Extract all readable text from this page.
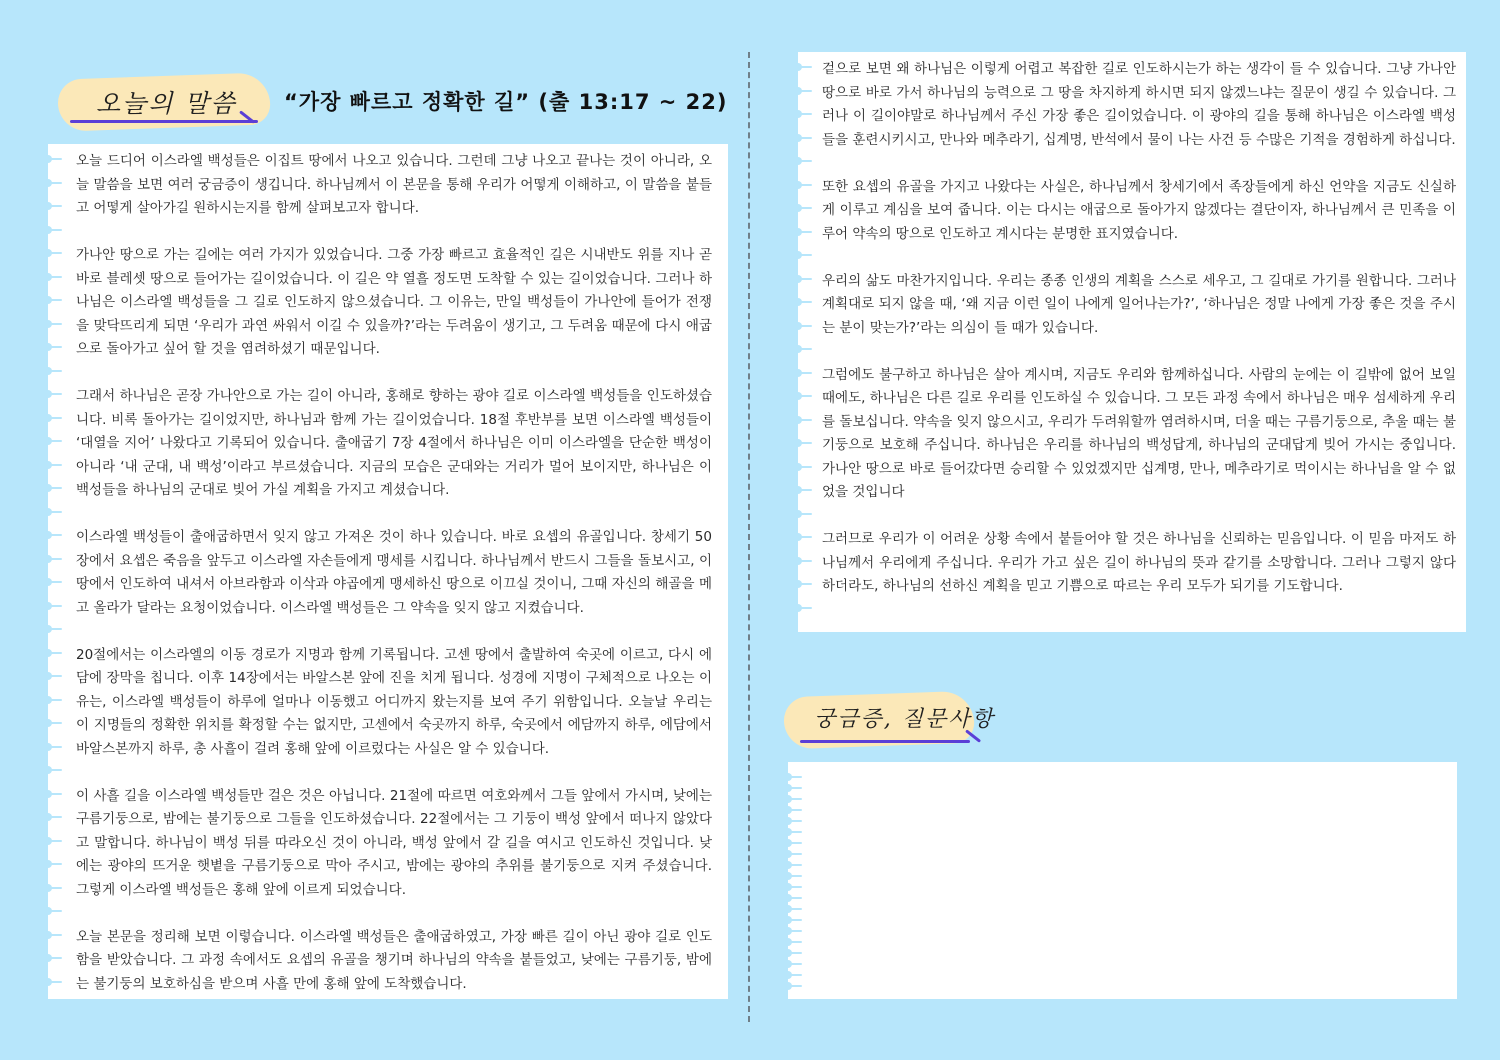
오늘의 말씀 “가장 빠르고 정확한 길” (출 13:17 ~ 22)

오늘 드디어 이스라엘 백성들은 이집트 땅에서 나오고 있습니다. 그런데 그냥 나오고 끝나는 것이 아니라, 오늘 말씀을 보면 여러 궁금증이 생깁니다. 하나님께서 이 본문을 통해 우리가 어떻게 이해하고, 이 말씀을 붙들고 어떻게 살아가길 원하시는지를 함께 살펴보고자 합니다.

가나안 땅으로 가는 길에는 여러 가지가 있었습니다. 그중 가장 빠르고 효율적인 길은 시내반도 위를 지나 곧바로 블레셋 땅으로 들어가는 길이었습니다. 이 길은 약 열흘 정도면 도착할 수 있는 길이었습니다. 그러나 하나님은 이스라엘 백성들을 그 길로 인도하지 않으셨습니다. 그 이유는, 만일 백성들이 가나안에 들어가 전쟁을 맞닥뜨리게 되면 ‘우리가 과연 싸워서 이길 수 있을까?’라는 두려움이 생기고, 그 두려움 때문에 다시 애굽으로 돌아가고 싶어 할 것을 염려하셨기 때문입니다.

그래서 하나님은 곧장 가나안으로 가는 길이 아니라, 홍해로 향하는 광야 길로 이스라엘 백성들을 인도하셨습니다. 비록 돌아가는 길이었지만, 하나님과 함께 가는 길이었습니다. 18절 후반부를 보면 이스라엘 백성들이 ‘대열을 지어’ 나왔다고 기록되어 있습니다. 출애굽기 7장 4절에서 하나님은 이미 이스라엘을 단순한 백성이 아니라 ‘내 군대, 내 백성’이라고 부르셨습니다. 지금의 모습은 군대와는 거리가 멀어 보이지만, 하나님은 이 백성들을 하나님의 군대로 빚어 가실 계획을 가지고 계셨습니다.

이스라엘 백성들이 출애굽하면서 잊지 않고 가져온 것이 하나 있습니다. 바로 요셉의 유골입니다. 창세기 50장에서 요셉은 죽음을 앞두고 이스라엘 자손들에게 맹세를 시킵니다. 하나님께서 반드시 그들을 돌보시고, 이 땅에서 인도하여 내셔서 아브라함과 이삭과 야곱에게 맹세하신 땅으로 이끄실 것이니, 그때 자신의 해골을 메고 올라가 달라는 요청이었습니다. 이스라엘 백성들은 그 약속을 잊지 않고 지켰습니다.

20절에서는 이스라엘의 이동 경로가 지명과 함께 기록됩니다. 고센 땅에서 출발하여 숙곳에 이르고, 다시 에담에 장막을 칩니다. 이후 14장에서는 바알스본 앞에 진을 치게 됩니다. 성경에 지명이 구체적으로 나오는 이유는, 이스라엘 백성들이 하루에 얼마나 이동했고 어디까지 왔는지를 보여 주기 위함입니다. 오늘날 우리는 이 지명들의 정확한 위치를 확정할 수는 없지만, 고센에서 숙곳까지 하루, 숙곳에서 에담까지 하루, 에담에서 바알스본까지 하루, 총 사흘이 걸려 홍해 앞에 이르렀다는 사실은 알 수 있습니다.

이 사흘 길을 이스라엘 백성들만 걸은 것은 아닙니다. 21절에 따르면 여호와께서 그들 앞에서 가시며, 낮에는 구름기둥으로, 밤에는 불기둥으로 그들을 인도하셨습니다. 22절에서는 그 기둥이 백성 앞에서 떠나지 않았다고 말합니다. 하나님이 백성 뒤를 따라오신 것이 아니라, 백성 앞에서 갈 길을 여시고 인도하신 것입니다. 낮에는 광야의 뜨거운 햇볕을 구름기둥으로 막아 주시고, 밤에는 광야의 추위를 불기둥으로 지켜 주셨습니다. 그렇게 이스라엘 백성들은 홍해 앞에 이르게 되었습니다.

오늘 본문을 정리해 보면 이렇습니다. 이스라엘 백성들은 출애굽하였고, 가장 빠른 길이 아닌 광야 길로 인도함을 받았습니다. 그 과정 속에서도 요셉의 유골을 챙기며 하나님의 약속을 붙들었고, 낮에는 구름기둥, 밤에는 불기둥의 보호하심을 받으며 사흘 만에 홍해 앞에 도착했습니다.

겉으로 보면 왜 하나님은 이렇게 어렵고 복잡한 길로 인도하시는가 하는 생각이 들 수 있습니다. 그냥 가나안 땅으로 바로 가서 하나님의 능력으로 그 땅을 차지하게 하시면 되지 않겠느냐는 질문이 생길 수 있습니다. 그러나 이 길이야말로 하나님께서 주신 가장 좋은 길이었습니다. 이 광야의 길을 통해 하나님은 이스라엘 백성들을 훈련시키시고, 만나와 메추라기, 십계명, 반석에서 물이 나는 사건 등 수많은 기적을 경험하게 하십니다.

또한 요셉의 유골을 가지고 나왔다는 사실은, 하나님께서 창세기에서 족장들에게 하신 언약을 지금도 신실하게 이루고 계심을 보여 줍니다. 이는 다시는 애굽으로 돌아가지 않겠다는 결단이자, 하나님께서 큰 민족을 이루어 약속의 땅으로 인도하고 계시다는 분명한 표지였습니다.

우리의 삶도 마찬가지입니다. 우리는 종종 인생의 계획을 스스로 세우고, 그 길대로 가기를 원합니다. 그러나 계획대로 되지 않을 때, ‘왜 지금 이런 일이 나에게 일어나는가?’, ‘하나님은 정말 나에게 가장 좋은 것을 주시는 분이 맞는가?’라는 의심이 들 때가 있습니다.

그럼에도 불구하고 하나님은 살아 계시며, 지금도 우리와 함께하십니다. 사람의 눈에는 이 길밖에 없어 보일 때에도, 하나님은 다른 길로 우리를 인도하실 수 있습니다. 그 모든 과정 속에서 하나님은 매우 섬세하게 우리를 돌보십니다. 약속을 잊지 않으시고, 우리가 두려워할까 염려하시며, 더울 때는 구름기둥으로, 추울 때는 불기둥으로 보호해 주십니다. 하나님은 우리를 하나님의 백성답게, 하나님의 군대답게 빚어 가시는 중입니다. 가나안 땅으로 바로 들어갔다면 승리할 수 있었겠지만 십계명, 만나, 메추라기로 먹이시는 하나님을 알 수 없었을 것입니다

그러므로 우리가 이 어려운 상황 속에서 붙들어야 할 것은 하나님을 신뢰하는 믿음입니다. 이 믿음 마저도 하나님께서 우리에게 주십니다. 우리가 가고 싶은 길이 하나님의 뜻과 같기를 소망합니다. 그러나 그렇지 않다 하더라도, 하나님의 선하신 계획을 믿고 기쁨으로 따르는 우리 모두가 되기를 기도합니다.

궁금증, 질문사항
